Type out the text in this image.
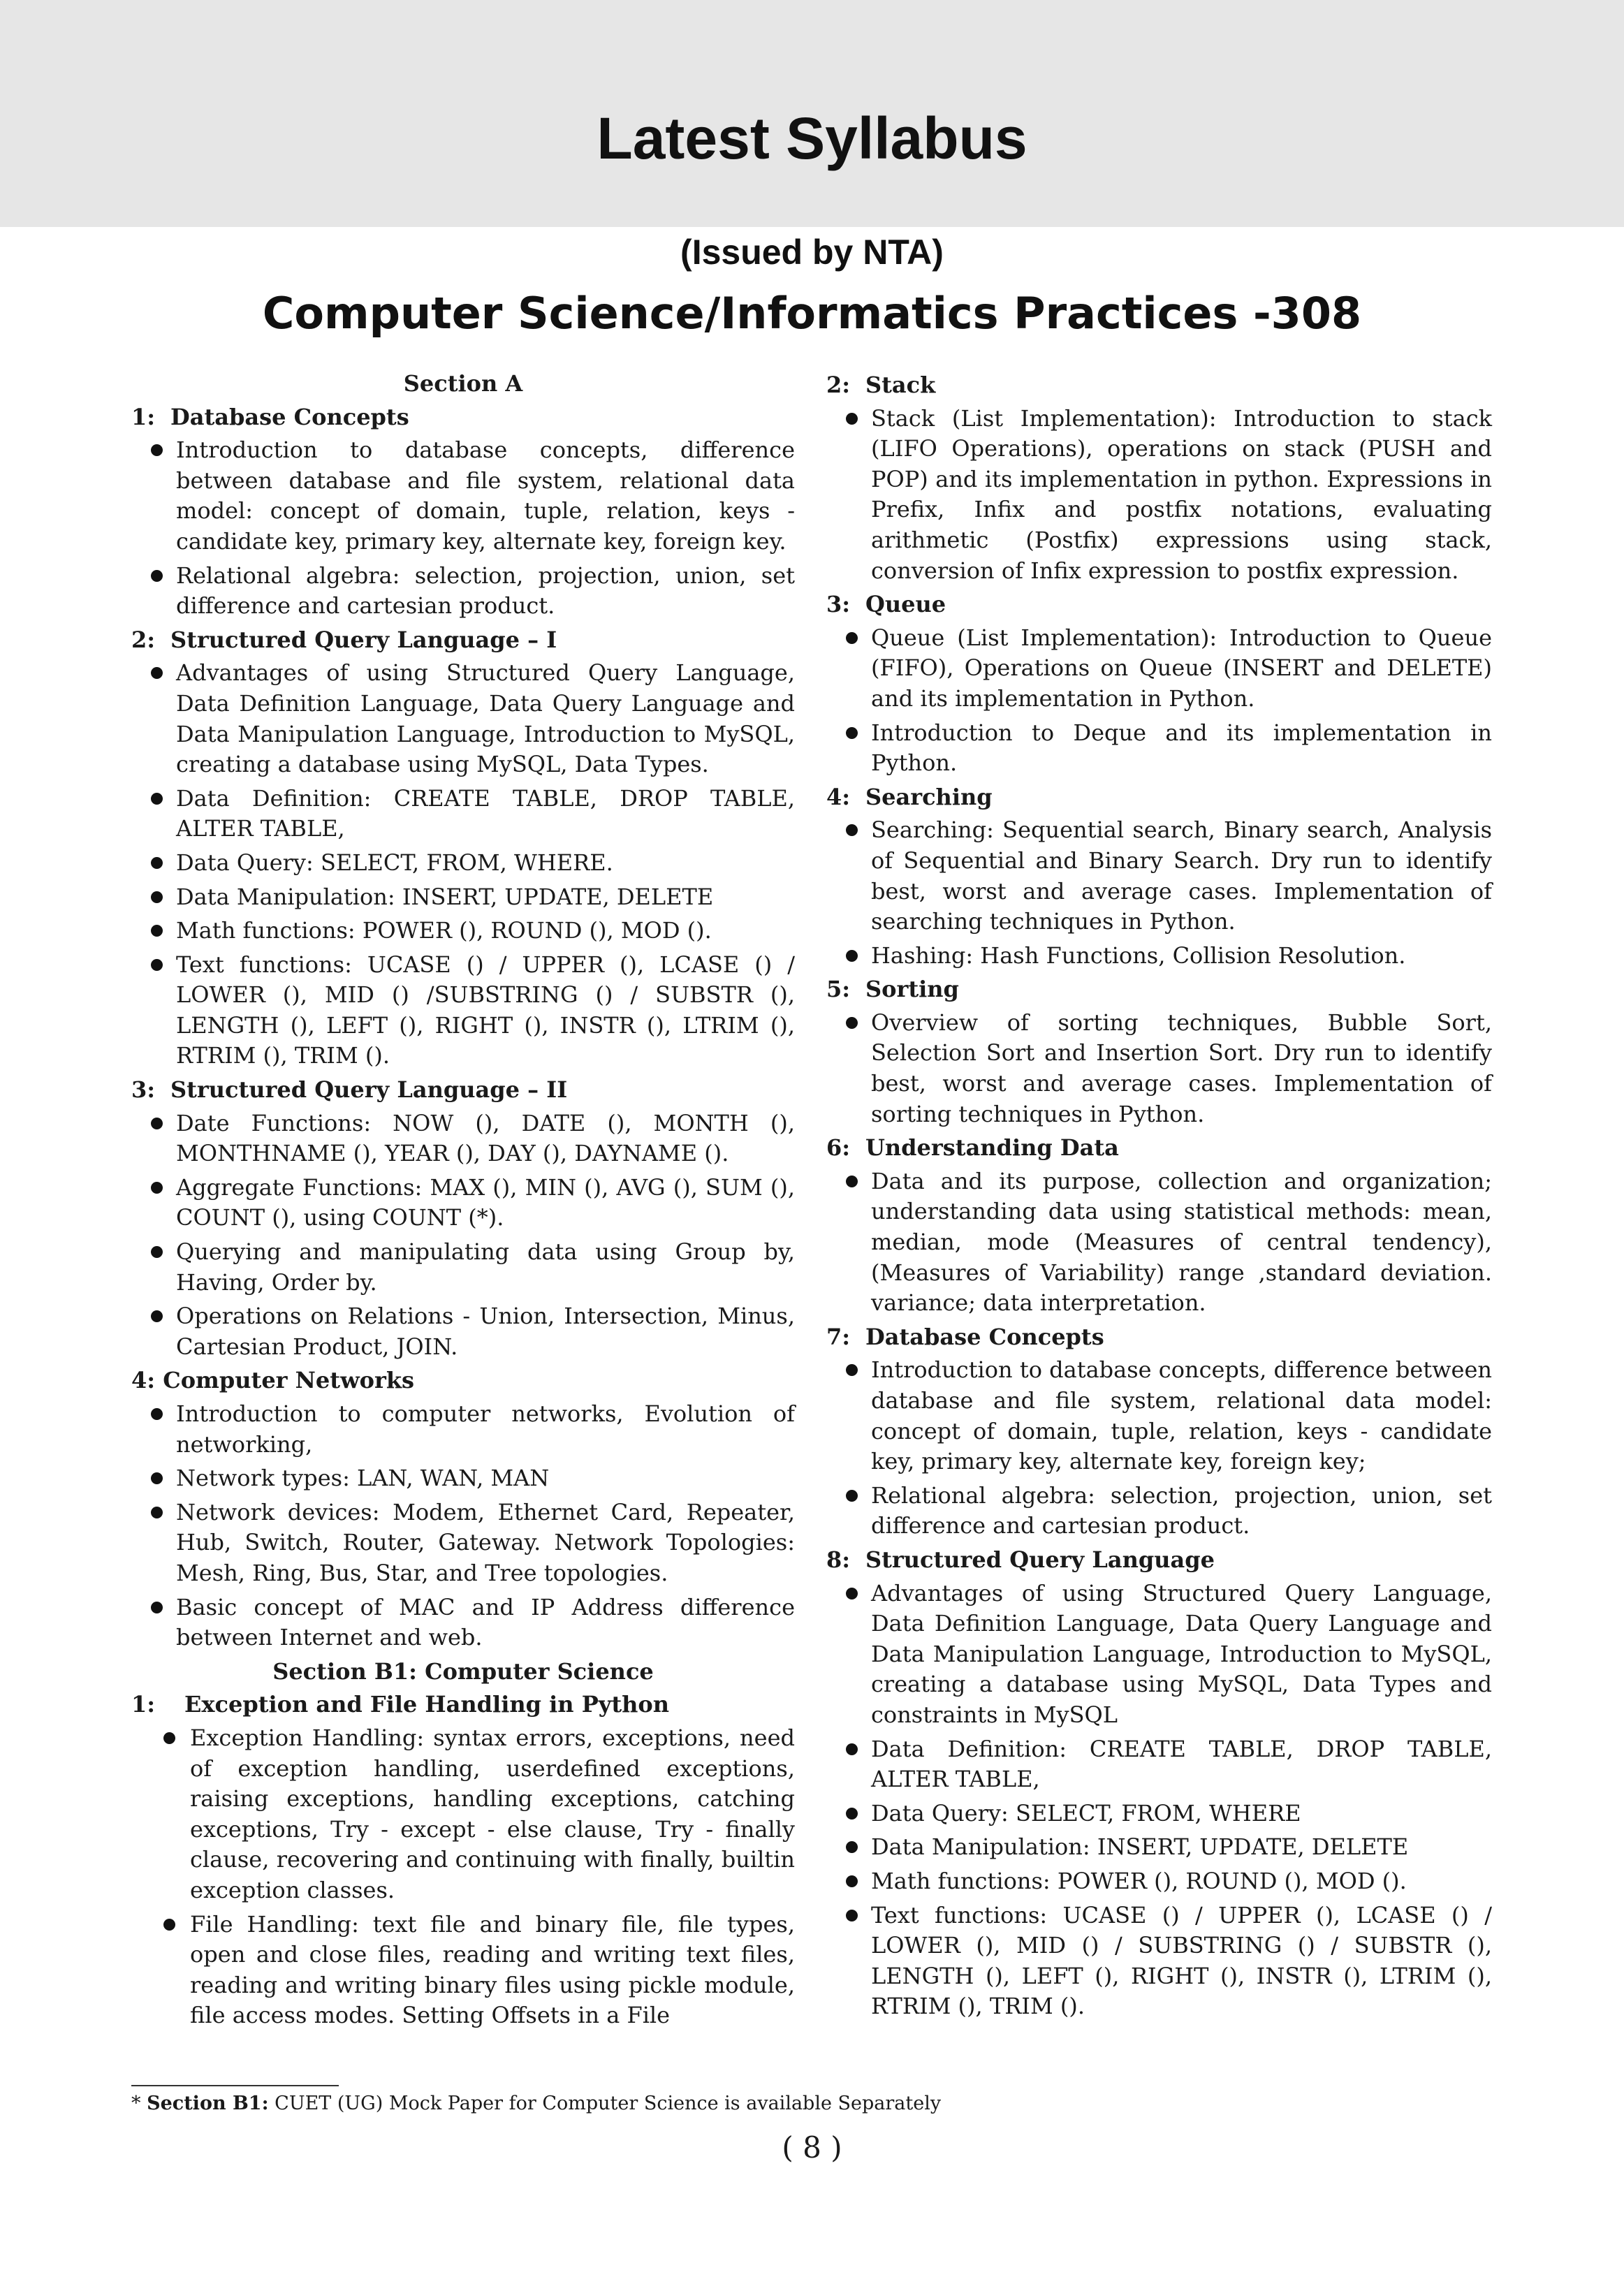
Latest Syllabus
(Issued by NTA)
Computer Science/Informatics Practices -308
Section A
1: Database Concepts
Introduction to database concepts, difference between database and file system, relational data model: concept of domain, tuple, relation, keys - candidate key, primary key, alternate key, foreign key.
Relational algebra: selection, projection, union, set difference and cartesian product.
2: Structured Query Language – I
Advantages of using Structured Query Language, Data Definition Language, Data Query Language and Data Manipulation Language, Introduction to MySQL, creating a database using MySQL, Data Types.
Data Definition: CREATE TABLE, DROP TABLE, ALTER TABLE,
Data Query: SELECT, FROM, WHERE.
Data Manipulation: INSERT, UPDATE, DELETE
Math functions: POWER (), ROUND (), MOD ().
Text functions: UCASE () / UPPER (), LCASE () / LOWER (), MID () /SUBSTRING () / SUBSTR (), LENGTH (), LEFT (), RIGHT (), INSTR (), LTRIM (), RTRIM (), TRIM ().
3: Structured Query Language – II
Date Functions: NOW (), DATE (), MONTH (), MONTHNAME (), YEAR (), DAY (), DAYNAME ().
Aggregate Functions: MAX (), MIN (), AVG (), SUM (), COUNT (), using COUNT (*).
Querying and manipulating data using Group by, Having, Order by.
Operations on Relations - Union, Intersection, Minus, Cartesian Product, JOIN.
4: Computer Networks
Introduction to computer networks, Evolution of networking,
Network types: LAN, WAN, MAN
Network devices: Modem, Ethernet Card, Repeater, Hub, Switch, Router, Gateway. Network Topologies: Mesh, Ring, Bus, Star, and Tree topologies.
Basic concept of MAC and IP Address difference between Internet and web.
Section B1: Computer Science
1:	Exception and File Handling in Python
Exception Handling: syntax errors, exceptions, need of exception handling, userdefined exceptions, raising exceptions, handling exceptions, catching exceptions, Try - except - else clause, Try - finally clause, recovering and continuing with finally, builtin exception classes.
File Handling: text file and binary file, file types, open and close files, reading and writing text files, reading and writing binary files using pickle module, file access modes. Setting Offsets in a File
2: Stack
Stack (List Implementation): Introduction to stack (LIFO Operations), operations on stack (PUSH and POP) and its implementation in python. Expressions in Prefix, Infix and postfix notations, evaluating arithmetic (Postfix) expressions using stack, conversion of Infix expression to postfix expression.
3: Queue
Queue (List Implementation): Introduction to Queue (FIFO), Operations on Queue (INSERT and DELETE) and its implementation in Python.
Introduction to Deque and its implementation in Python.
4: Searching
Searching: Sequential search, Binary search, Analysis of Sequential and Binary Search. Dry run to identify best, worst and average cases. Implementation of searching techniques in Python.
Hashing: Hash Functions, Collision Resolution.
5: Sorting
Overview of sorting techniques, Bubble Sort, Selection Sort and Insertion Sort. Dry run to identify best, worst and average cases. Implementation of sorting techniques in Python.
6: Understanding Data
Data and its purpose, collection and organization; understanding data using statistical methods: mean, median, mode (Measures of central tendency), (Measures of Variability) range ,standard deviation. variance; data interpretation.
7: Database Concepts
Introduction to database concepts, difference between database and file system, relational data model: concept of domain, tuple, relation, keys - candidate key, primary key, alternate key, foreign key;
Relational algebra: selection, projection, union, set difference and cartesian product.
8: Structured Query Language
Advantages of using Structured Query Language, Data Definition Language, Data Query Language and Data Manipulation Language, Introduction to MySQL, creating a database using MySQL, Data Types and constraints in MySQL
Data Definition: CREATE TABLE, DROP TABLE, ALTER TABLE,
Data Query: SELECT, FROM, WHERE
Data Manipulation: INSERT, UPDATE, DELETE
Math functions: POWER (), ROUND (), MOD ().
Text functions: UCASE () / UPPER (), LCASE () / LOWER (), MID () / SUBSTRING () / SUBSTR (), LENGTH (), LEFT (), RIGHT (), INSTR (), LTRIM (), RTRIM (), TRIM ().
* Section B1: CUET (UG) Mock Paper for Computer Science is available Separately
( 8 )
